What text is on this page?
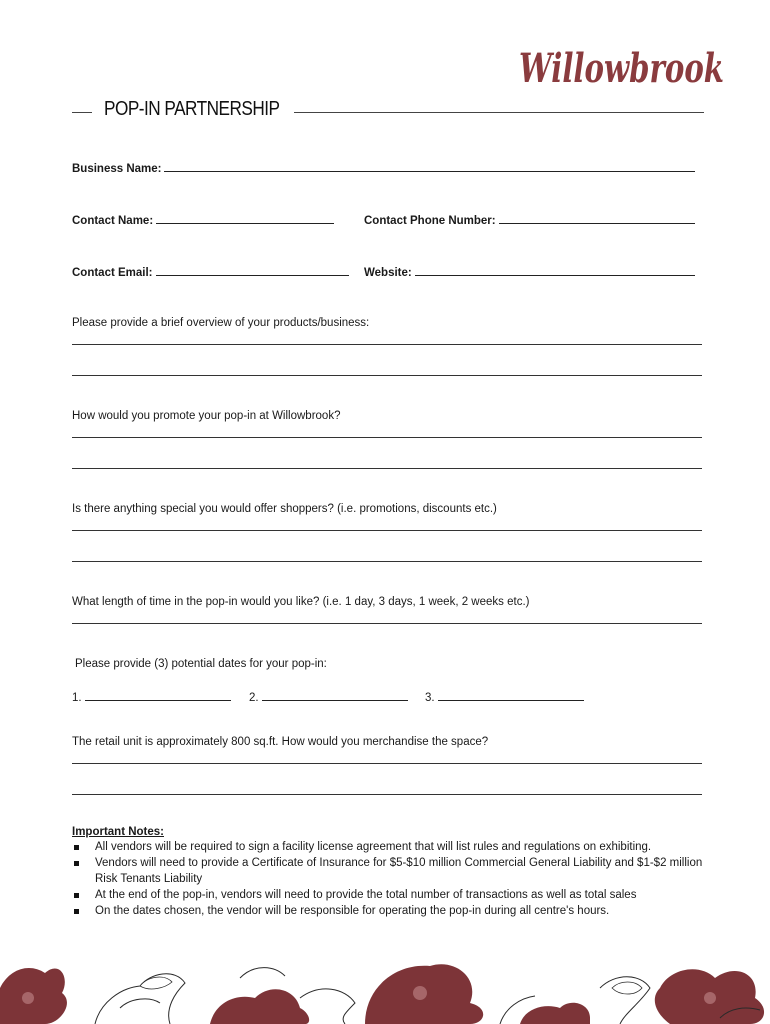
Willowbrook
POP-IN PARTNERSHIP
Business Name:
Contact Name:	Contact Phone Number:
Contact Email:	Website:
Please provide a brief overview of your products/business:
How would you promote your pop-in at Willowbrook?
Is there anything special you would offer shoppers? (i.e. promotions, discounts etc.)
What length of time in the pop-in would you like? (i.e. 1 day, 3 days, 1 week, 2 weeks etc.)
Please provide (3) potential dates for your pop-in:
1.	2.	3.
The retail unit is approximately 800 sq.ft. How would you merchandise the space?
Important Notes:
All vendors will be required to sign a facility license agreement that will list rules and regulations on exhibiting.
Vendors will need to provide a Certificate of Insurance for $5-$10 million Commercial General Liability and $1-$2 million Risk Tenants Liability
At the end of the pop-in, vendors will need to provide the total number of transactions as well as total sales
On the dates chosen, the vendor will be responsible for operating the pop-in during all centre's hours.
